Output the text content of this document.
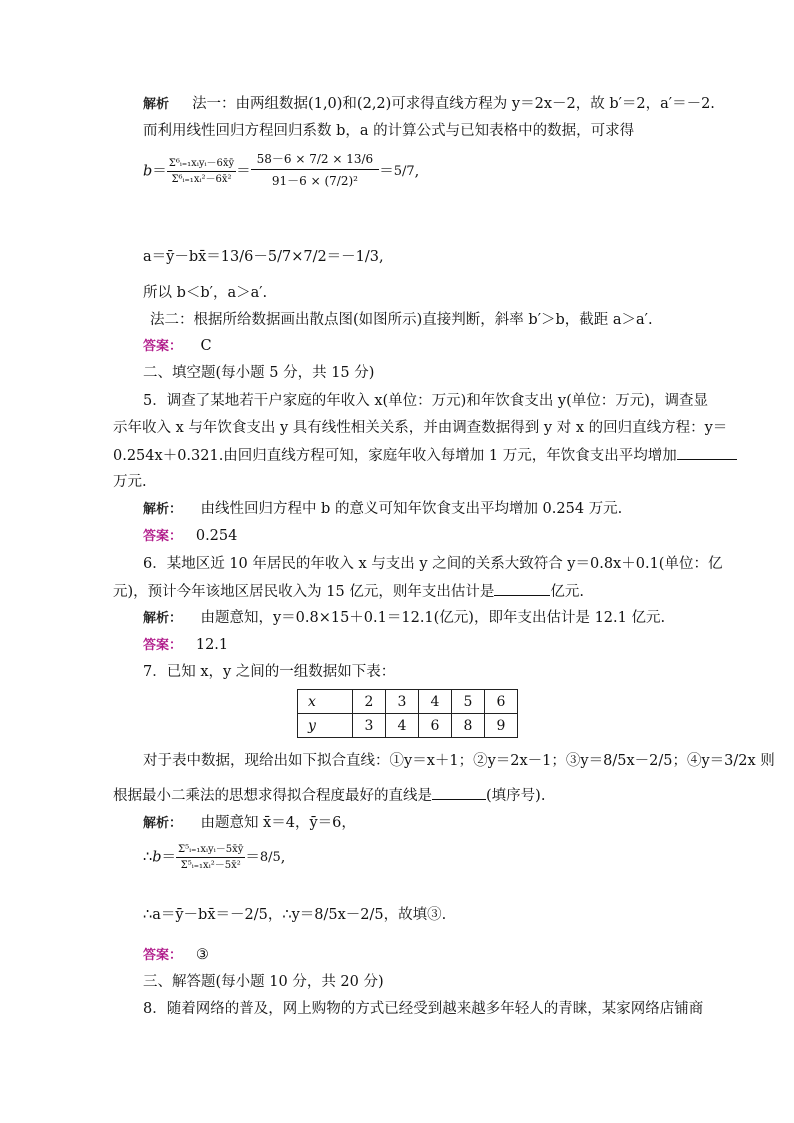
解析 法一：由两组数据(1,0)和(2,2)可求得直线方程为 y＝2x－2，故 b′＝2，a′＝－2.
而利用线性回归方程回归系数 b，a 的计算公式与已知表格中的数据，可求得
$b= \frac{\text{Σ⁶ᵢ₌₁xᵢyᵢ－6x̄ȳ}}{\text{Σ⁶ᵢ₌₁xᵢ²－6x̄²}} = \frac{58-6 \times 7/2 \times 13/6}{\text{91－6 × (7/2)²}} =5/7$,
a＝ȳ－bx̄＝13/6－5/7×7/2＝－1/3,
所以 b＜b′，a＞a′.
法二：根据所给数据画出散点图(如图所示)直接判断，斜率 b′＞b，截距 a＞a′.
答案： C
二、填空题(每小题 5 分，共 15 分)
5．调查了某地若干户家庭的年收入 x(单位：万元)和年饮食支出 y(单位：万元)，调查显
示年收入 x 与年饮食支出 y 具有线性相关关系，并由调查数据得到 y 对 x 的回归直线方程：y＝
0.254x＋0.321.由回归直线方程可知，家庭年收入每增加 1 万元，年饮食支出平均增加
万元.
解析： 由线性回归方程中 b 的意义可知年饮食支出平均增加 0.254 万元.
答案： 0.254
6．某地区近 10 年居民的年收入 x 与支出 y 之间的关系大致符合 y＝0.8x＋0.1(单位：亿
元)，预计今年该地区居民收入为 15 亿元，则年支出估计是	亿元.
解析： 由题意知，y＝0.8×15＋0.1＝12.1(亿元)，即年支出估计是 12.1 亿元.
答案： 12.1
7．已知 x，y 之间的一组数据如下表：
x	2	3	4	5	6
y	3	4	6	8	9
对于表中数据，现给出如下拟合直线：①y＝x＋1；②y＝2x－1；③y＝8/5x－2/5；④y＝3/2x 则
根据最小二乘法的思想求得拟合程度最好的直线是	(填序号).
解析： 由题意知 x̄＝4，ȳ＝6，
∴b＝ $\frac{\text{Σ⁵ᵢ₌₁xᵢyᵢ－5x̄ȳ}}{\text{Σ⁵ᵢ₌₁xᵢ²－5x̄²}} =8/5$,
∴a＝ȳ－bx̄＝－2/5，∴y＝8/5x－2/5，故填③.
答案： ③
三、解答题(每小题 10 分，共 20 分)
8．随着网络的普及，网上购物的方式已经受到越来越多年轻人的青睐，某家网络店铺商
